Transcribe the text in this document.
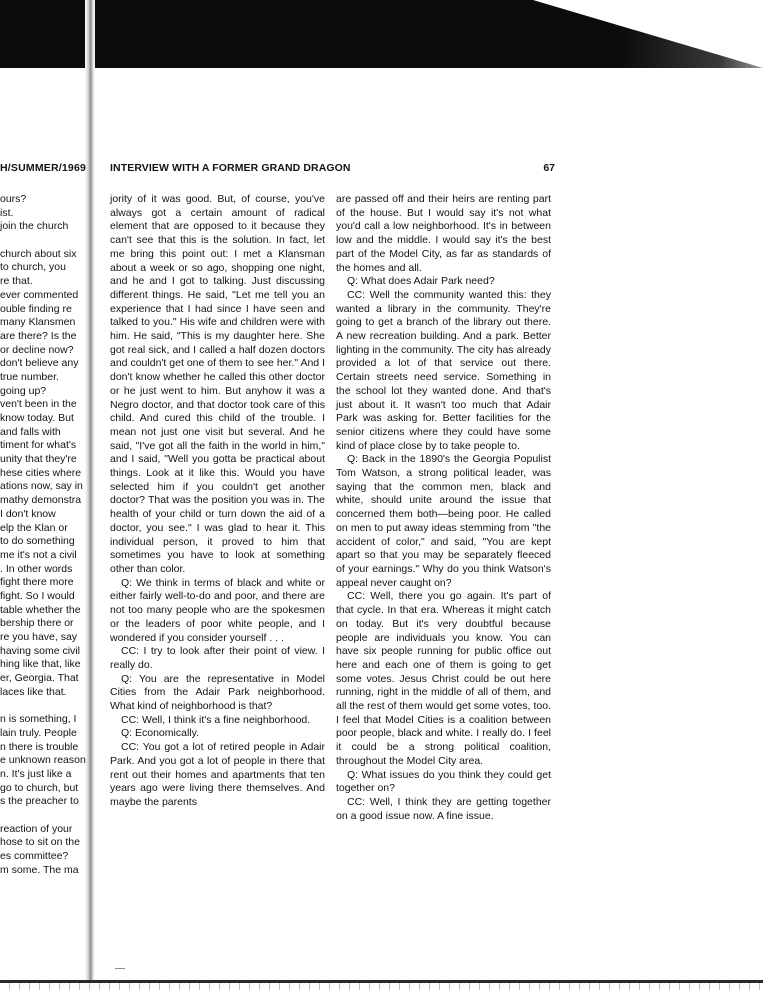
H/SUMMER/1969
ours?
ist.
join the church
church about six
to church, you
re that.
ever commented
ouble finding re
many Klansmen
are there? Is the
or decline now?
don't believe any
true number.
going up?
ven't been in the
know today. But
and falls with
timent for what's
unity that they're
hese cities where
ations now, say in
mathy demonstra
I don't know
elp the Klan or
to do something
me it's not a civil
. In other words
fight there more
fight. So I would
table whether the
bership there or
re you have, say
having some civil
hing like that, like
er, Georgia. That
laces like that.
n is something, I
lain truly. People
n there is trouble
e unknown reason
n. It's just like a
go to church, but
s the preacher to
reaction of your
hose to sit on the
es committee?
m some. The ma
INTERVIEW WITH A FORMER GRAND DRAGON	67

jority of it was good. But, of course, you've always got a certain amount of radical element that are opposed to it because they can't see that this is the solution. In fact, let me bring this point out: I met a Klansman about a week or so ago, shopping one night, and he and I got to talking. Just discussing different things. He said, "Let me tell you an experience that I had since I have seen and talked to you." His wife and children were with him. He said, "This is my daughter here. She got real sick, and I called a half dozen doctors and couldn't get one of them to see her." And I don't know whether he called this other doctor or he just went to him. But anyhow it was a Negro doctor, and that doctor took care of this child. And cured this child of the trouble. I mean not just one visit but several. And he said, "I've got all the faith in the world in him," and I said, "Well you gotta be practical about things. Look at it like this. Would you have selected him if you couldn't get another doctor? That was the position you was in. The health of your child or turn down the aid of a doctor, you see." I was glad to hear it. This individual person, it proved to him that sometimes you have to look at something other than color.

Q: We think in terms of black and white or either fairly well-to-do and poor, and there are not too many people who are the spokesmen or the leaders of poor white people, and I wondered if you consider yourself . . .

CC: I try to look after their point of view. I really do.

Q: You are the representative in Model Cities from the Adair Park neighborhood. What kind of neighborhood is that?

CC: Well, I think it's a fine neighborhood.

Q: Economically.

CC: You got a lot of retired people in Adair Park. And you got a lot of people in there that rent out their homes and apartments that ten years ago were living there themselves. And maybe the parents

are passed off and their heirs are renting part of the house. But I would say it's not what you'd call a low neighborhood. It's in between low and the middle. I would say it's the best part of the Model City, as far as standards of the homes and all.

Q: What does Adair Park need?

CC: Well the community wanted this: they wanted a library in the community. They're going to get a branch of the library out there. A new recreation building. And a park. Better lighting in the community. The city has already provided a lot of that service out there. Certain streets need service. Something in the school lot they wanted done. And that's just about it. It wasn't too much that Adair Park was asking for. Better facilities for the senior citizens where they could have some kind of place close by to take people to.

Q: Back in the 1890's the Georgia Populist Tom Watson, a strong political leader, was saying that the common men, black and white, should unite around the issue that concerned them both—being poor. He called on men to put away ideas stemming from "the accident of color," and said, "You are kept apart so that you may be separately fleeced of your earnings." Why do you think Watson's appeal never caught on?

CC: Well, there you go again. It's part of that cycle. In that era. Whereas it might catch on today. But it's very doubtful because people are individuals you know. You can have six people running for public office out here and each one of them is going to get some votes. Jesus Christ could be out here running, right in the middle of all of them, and all the rest of them would get some votes, too. I feel that Model Cities is a coalition between poor people, black and white. I really do. I feel it could be a strong political coalition, throughout the Model City area.

Q: What issues do you think they could get together on?

CC: Well, I think they are getting together on a good issue now. A fine issue.
